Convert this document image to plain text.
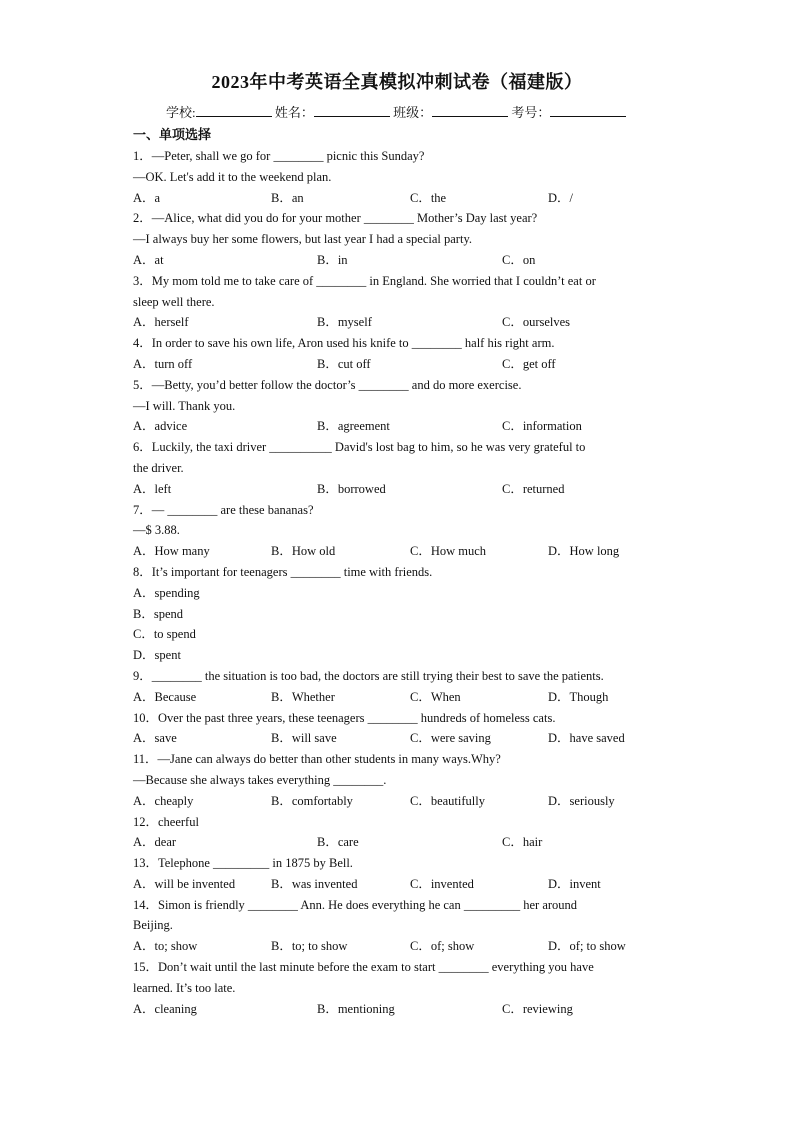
2023年中考英语全真模拟冲刺试卷（福建版）
学校:	姓名：	班级：	考号：
一、单项选择
1．—Peter, shall we go for ________ picnic this Sunday?
—OK. Let's add it to the weekend plan.
A．a	B．an	C．the	D．/
2．—Alice, what did you do for your mother ________ Mother’s Day last year?
—I always buy her some flowers, but last year I had a special party.
A．at	B．in	C．on
3．My mom told me to take care of ________ in England. She worried that I couldn’t eat or
sleep well there.
A．herself	B．myself	C．ourselves
4．In order to save his own life, Aron used his knife to ________ half his right arm.
A．turn off	B．cut off	C．get off
5．—Betty, you’d better follow the doctor’s ________ and do more exercise.
—I will. Thank you.
A．advice	B．agreement	C．information
6．Luckily, the taxi driver __________ David's lost bag to him, so he was very grateful to
the driver.
A．left	B．borrowed	C．returned
7．— ________ are these bananas?
—$ 3.88.
A．How many	B．How old	C．How much	D．How long
8．It’s important for teenagers ________ time with friends.
A．spending
B．spend
C．to spend
D．spent
9．________ the situation is too bad, the doctors are still trying their best to save the patients.
A．Because	B．Whether	C．When	D．Though
10．Over the past three years, these teenagers ________ hundreds of homeless cats.
A．save	B．will save	C．were saving	D．have saved
11．—Jane can always do better than other students in many ways.Why?
—Because she always takes everything ________.
A．cheaply	B．comfortably	C．beautifully	D．seriously
12．cheerful
A．dear	B．care	C．hair
13．Telephone _________ in 1875 by Bell.
A．will be invented	B．was invented	C．invented	D．invent
14．Simon is friendly ________ Ann. He does everything he can _________ her around
Beijing.
A．to; show	B．to; to show	C．of; show	D．of; to show
15．Don’t wait until the last minute before the exam to start ________ everything you have
learned. It’s too late.
A．cleaning	B．mentioning	C．reviewing
